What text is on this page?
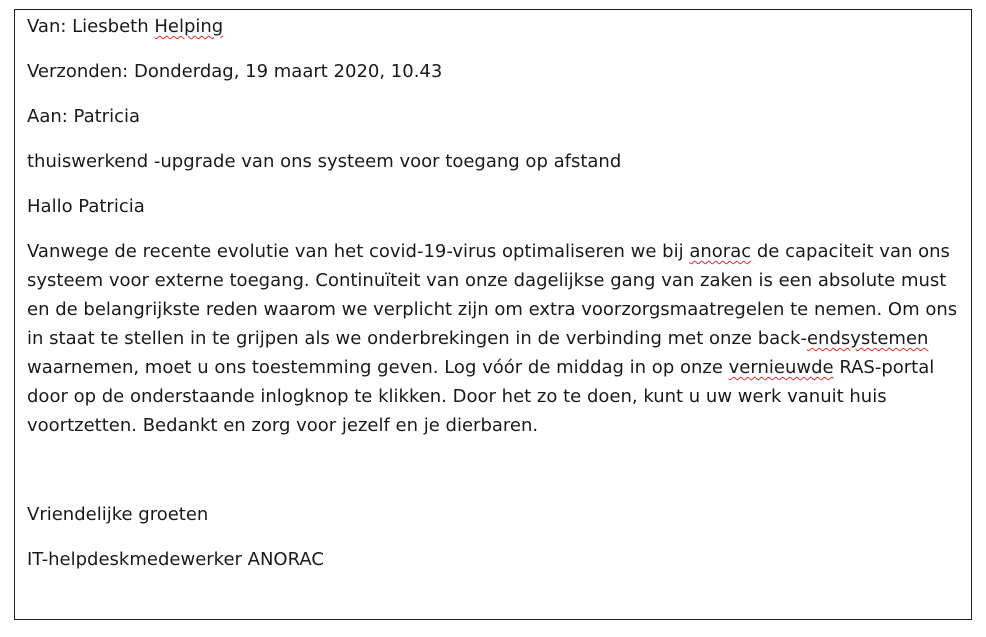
Van: Liesbeth Helping

Verzonden: Donderdag, 19 maart 2020, 10.43

Aan: Patricia

thuiswerkend -upgrade van ons systeem voor toegang op afstand

Hallo Patricia

Vanwege de recente evolutie van het covid-19-virus optimaliseren we bij anorac de capaciteit van ons systeem voor externe toegang. Continuïteit van onze dagelijkse gang van zaken is een absolute must en de belangrijkste reden waarom we verplicht zijn om extra voorzorgsmaatregelen te nemen. Om ons in staat te stellen in te grijpen als we onderbrekingen in de verbinding met onze back-endsystemen waarnemen, moet u ons toestemming geven. Log vóór de middag in op onze vernieuwde RAS-portal door op de onderstaande inlogknop te klikken. Door het zo te doen, kunt u uw werk vanuit huis voortzetten. Bedankt en zorg voor jezelf en je dierbaren.

Vriendelijke groeten

IT-helpdeskmedewerker ANORAC
